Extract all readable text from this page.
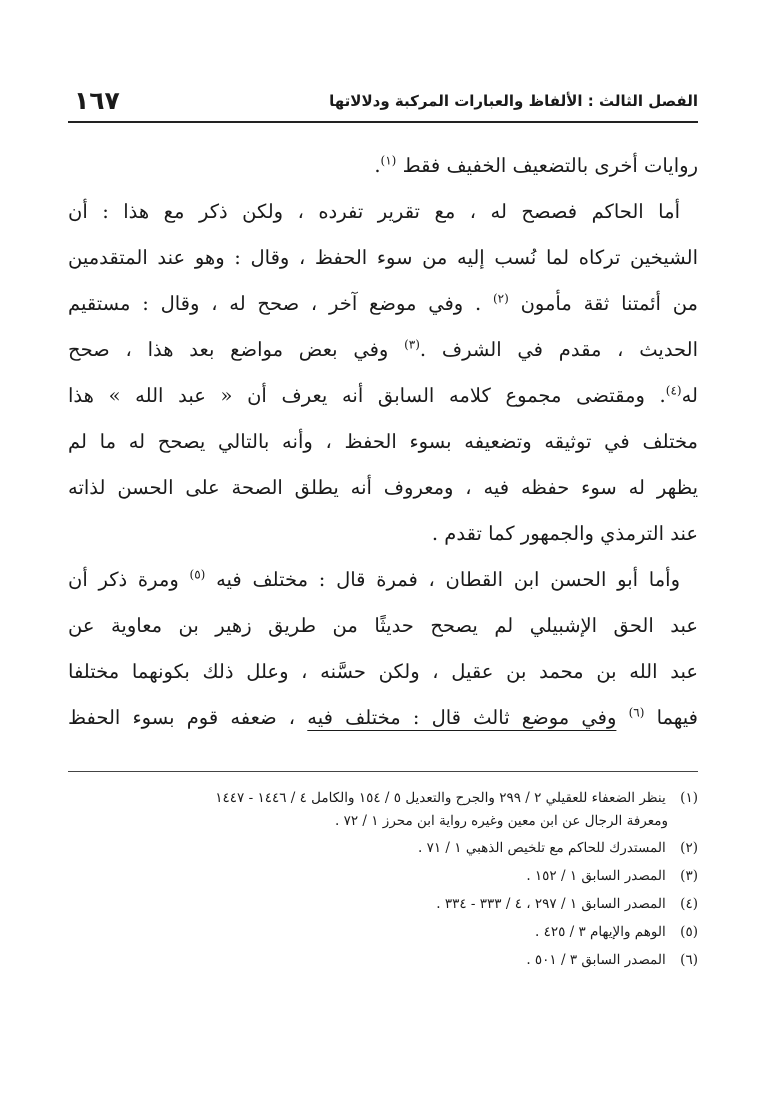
الفصل الثالث : الألفاظ والعبارات المركبة ودلالاتها
١٦٧
روايات أخرى بالتضعيف الخفيف فقط $^{(١)}$.
أما الحاكم فصصح له ، مع تقرير تفرده ، ولكن ذكر مع هذا : أن
الشيخين تركاه لما نُسب إليه من سوء الحفظ ، وقال : وهو عند المتقدمين
من أئمتنا ثقة مأمون $^{(٢)}$ . وفي موضع آخر ، صحح له ، وقال : مستقيم
الحديث ، مقدم في الشرف .$^{(٣)}$ وفي بعض مواضع بعد هذا ، صحح
له$^{(٤)}$. ومقتضى مجموع كلامه السابق أنه يعرف أن « عبد الله » هذا
مختلف في توثيقه وتضعيفه بسوء الحفظ ، وأنه بالتالي يصحح له ما لم
يظهر له سوء حفظه فيه ، ومعروف أنه يطلق الصحة على الحسن لذاته
عند الترمذي والجمهور كما تقدم .
وأما أبو الحسن ابن القطان ، فمرة قال : مختلف فيه $^{(٥)}$ ومرة ذكر أن
عبد الحق الإشبيلي لم يصحح حديثًا من طريق زهير بن معاوية عن
عبد الله بن محمد بن عقيل ، ولكن حسَّنه ، وعلل ذلك بكونهما مختلفا
فيهما $^{(٦)}$ وفي موضع ثالث قال : مختلف فيه ، ضعفه قوم بسوء الحفظ
(١) ينظر الضعفاء للعقيلي ٢ / ٢٩٩ والجرح والتعديل ٥ / ١٥٤ والكامل ٤ / ١٤٤٦ - ١٤٤٧
ومعرفة الرجال عن ابن معين وغيره رواية ابن محرز ١ / ٧٢ .
(٢) المستدرك للحاكم مع تلخيص الذهبي ١ / ٧١ .
(٣) المصدر السابق ١ / ١٥٢ .
(٤) المصدر السابق ١ / ٢٩٧ ، ٤ / ٣٣٣ - ٣٣٤ .
(٥) الوهم والإيهام ٣ / ٤٢٥ .
(٦) المصدر السابق ٣ / ٥٠١ .
